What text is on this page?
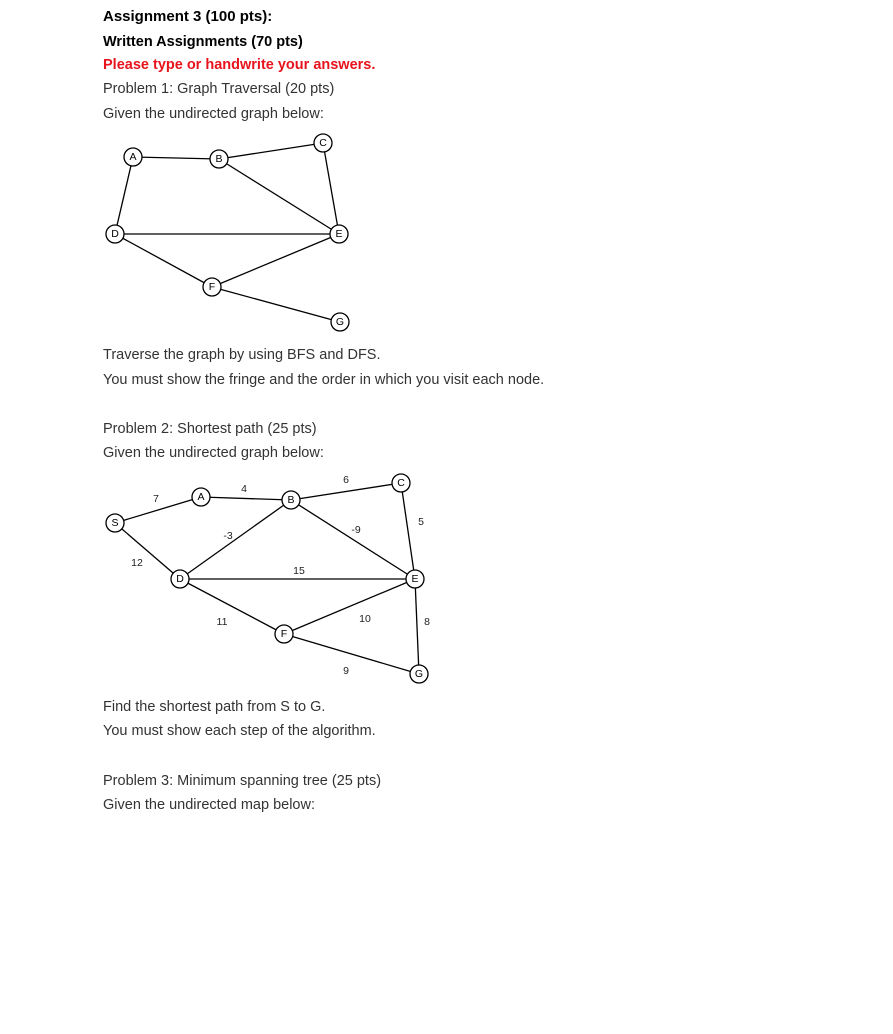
Assignment 3 (100 pts):
Written Assignments (70 pts)
Please type or handwrite your answers.
Problem 1: Graph Traversal (20 pts)
Given the undirected graph below:
A	B
C
D	E
F
G
7
4
6
12
-3	-9
5
15
11	10	8
9
S
A	B
C
D	E
F
G
Traverse the graph by using BFS and DFS.
You must show the fringe and the order in which you visit each node.
Problem 2: Shortest path (25 pts)
Given the undirected graph below:
Find the shortest path from S to G.
You must show each step of the algorithm.
Problem 3: Minimum spanning tree (25 pts)
Given the undirected map below:
